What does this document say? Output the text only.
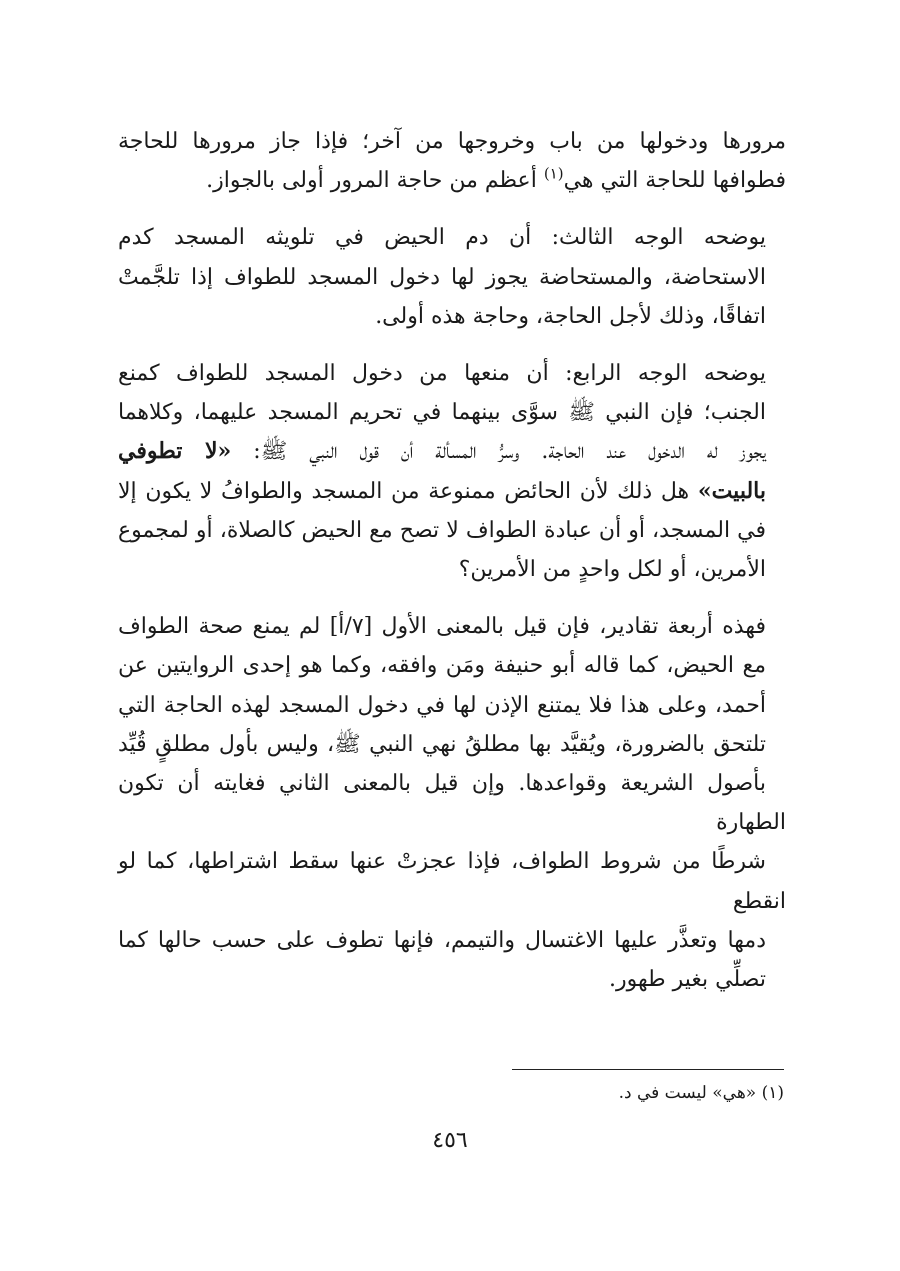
مرورها ودخولها من باب وخروجها من آخر؛ فإذا جاز مرورها للحاجة
فطوافها للحاجة التي هي$^{(١)}$ أعظم من حاجة المرور أولى بالجواز.

يوضحه الوجه الثالث: أن دم الحيض في تلويثه المسجد كدم
الاستحاضة، والمستحاضة يجوز لها دخول المسجد للطواف إذا تلجَّمتْ
اتفاقًا، وذلك لأجل الحاجة، وحاجة هذه أولى.

يوضحه الوجه الرابع: أن منعها من دخول المسجد للطواف كمنع
الجنب؛ فإن النبي ﷺ سوَّى بينهما في تحريم المسجد عليهما، وكلاهما
يجوز له الدخول عند الحاجة. وسرُّ المسألة أن قول النبي ﷺ: «لا تطوفي
بالبيت» هل ذلك لأن الحائض ممنوعة من المسجد والطوافُ لا يكون إلا
في المسجد، أو أن عبادة الطواف لا تصح مع الحيض كالصلاة، أو لمجموع
الأمرين، أو لكل واحدٍ من الأمرين؟

فهذه أربعة تقادير، فإن قيل بالمعنى الأول [٧/أ] لم يمنع صحة الطواف
مع الحيض، كما قاله أبو حنيفة ومَن وافقه، وكما هو إحدى الروايتين عن
أحمد، وعلى هذا فلا يمتنع الإذن لها في دخول المسجد لهذه الحاجة التي
تلتحق بالضرورة، ويُقيَّد بها مطلقُ نهي النبي ﷺ، وليس بأول مطلقٍ قُيِّد
بأصول الشريعة وقواعدها. وإن قيل بالمعنى الثاني فغايته أن تكون الطهارة
شرطًا من شروط الطواف، فإذا عجزتْ عنها سقط اشتراطها، كما لو انقطع
دمها وتعذَّر عليها الاغتسال والتيمم، فإنها تطوف على حسب حالها كما
تصلِّي بغير طهور.

(١) «هي» ليست في د.
٤٥٦
